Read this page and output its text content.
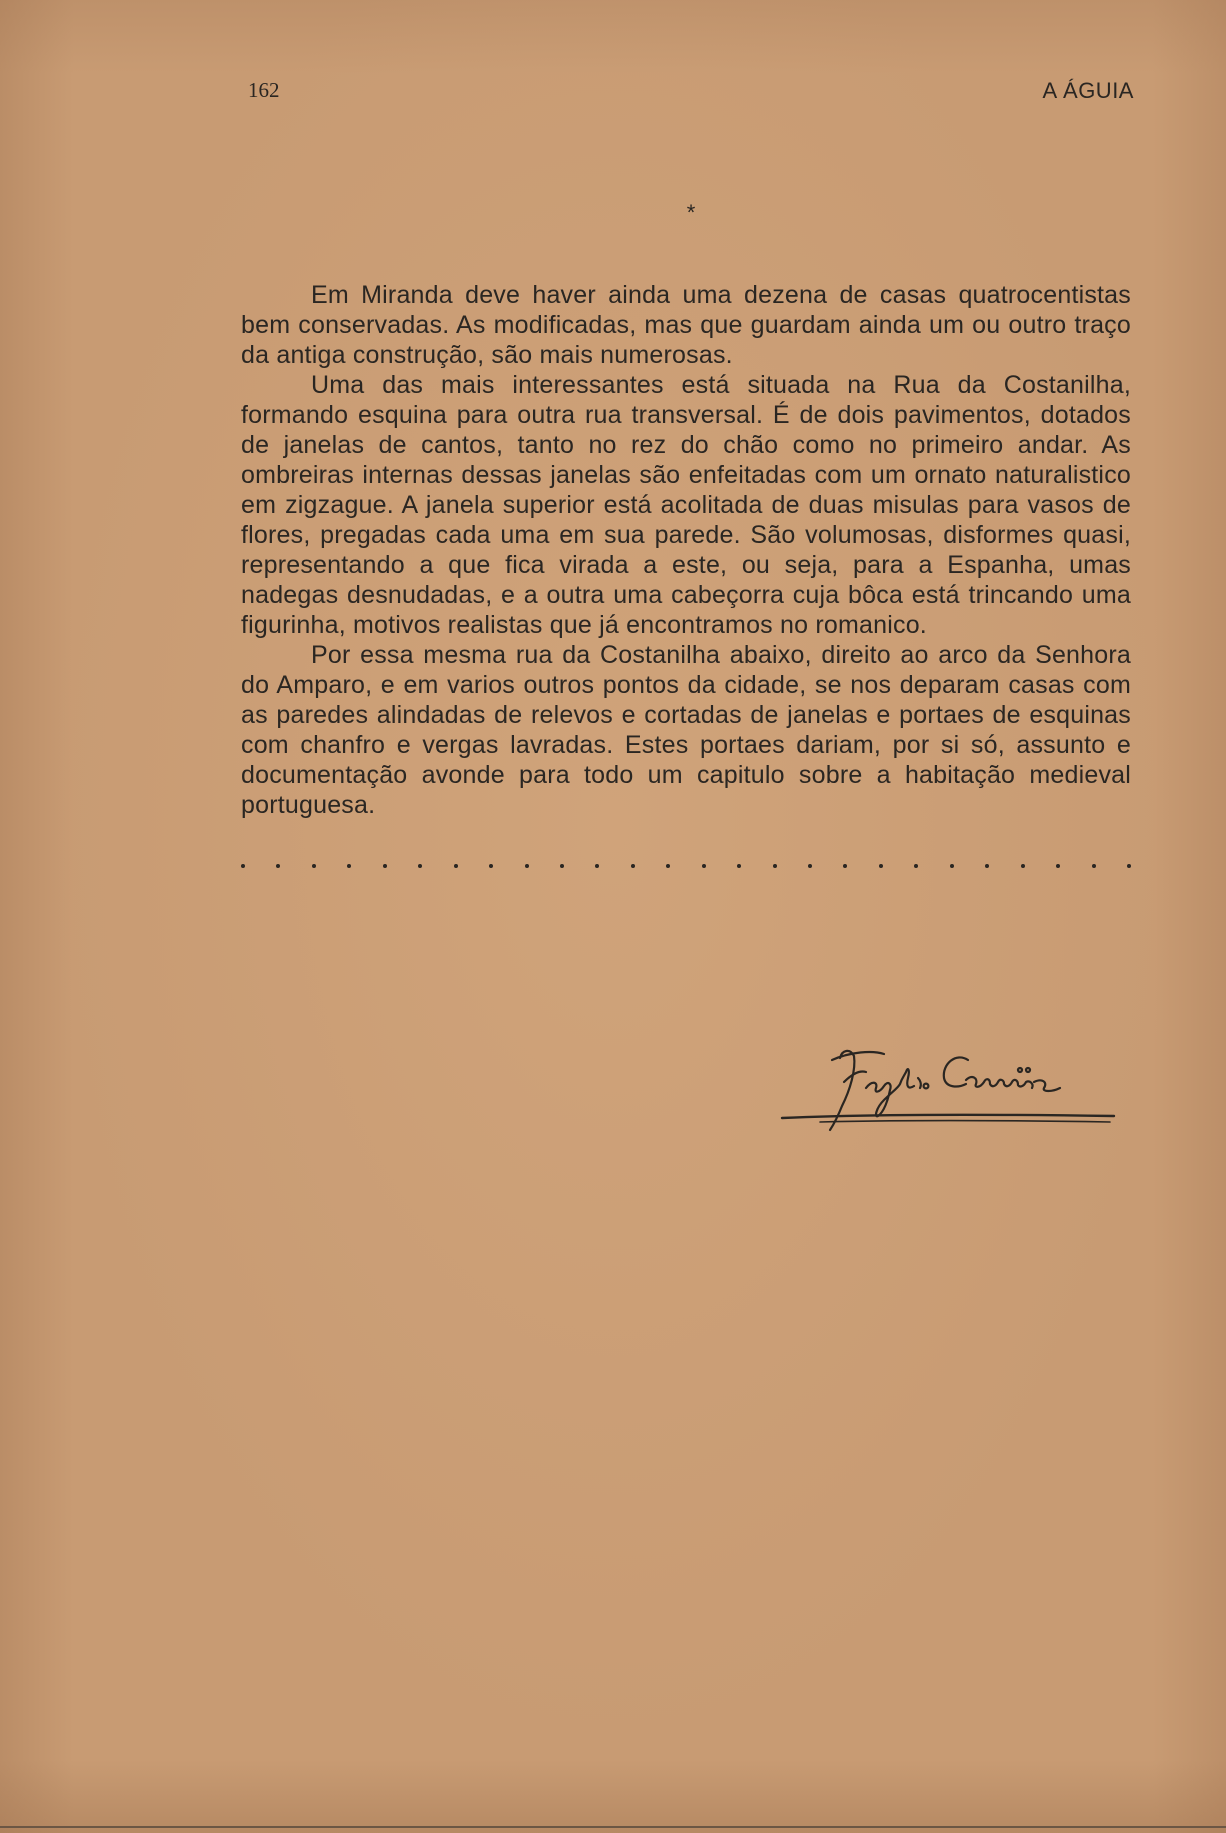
162	A ÁGUIA
*

Em Miranda deve haver ainda uma dezena de casas quatrocentistas bem conservadas. As modificadas, mas que guardam ainda um ou outro traço da antiga construção, são mais numerosas.

Uma das mais interessantes está situada na Rua da Costanilha, formando esquina para outra rua transversal. É de dois pavimentos, dotados de janelas de cantos, tanto no rez do chão como no primeiro andar. As ombreiras internas dessas janelas são enfeitadas com um ornato naturalistico em zigzague. A janela superior está acolitada de duas misulas para vasos de flores, pregadas cada uma em sua parede. São volumosas, disformes quasi, representando a que fica virada a este, ou seja, para a Espanha, umas nadegas desnudadas, e a outra uma cabeçorra cuja bôca está trincando uma figurinha, motivos realistas que já encontramos no romanico.

Por essa mesma rua da Costanilha abaixo, direito ao arco da Senhora do Amparo, e em varios outros pontos da cidade, se nos deparam casas com as paredes alindadas de relevos e cortadas de janelas e portaes de esquinas com chanfro e vergas lavradas. Estes portaes dariam, por si só, assunto e documentação avonde para todo um capitulo sobre a habitação medieval portuguesa.
